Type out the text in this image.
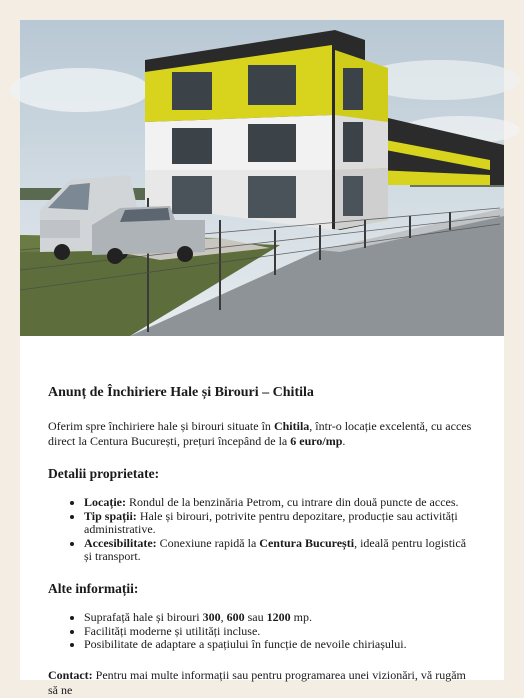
Anunț de Închiriere Hale și Birouri – Chitila

Oferim spre închiriere hale și birouri situate în Chitila, într-o locație excelentă, cu acces direct la Centura București, prețuri începând de la 6 euro/mp.

Detalii proprietate:
• Locație: Rondul de la benzinăria Petrom, cu intrare din două puncte de acces.
• Tip spații: Hale și birouri, potrivite pentru depozitare, producție sau activități administrative.
• Accesibilitate: Conexiune rapidă la Centura București, ideală pentru logistică și transport.
Alte informații:
• Suprafață hale și birouri 300, 600 sau 1200 mp.
• Facilități moderne și utilități incluse.
• Posibilitate de adaptare a spațiului în funcție de nevoile chiriașului.

Contact: Pentru mai multe informații sau pentru programarea unei vizionări, vă rugăm să ne
